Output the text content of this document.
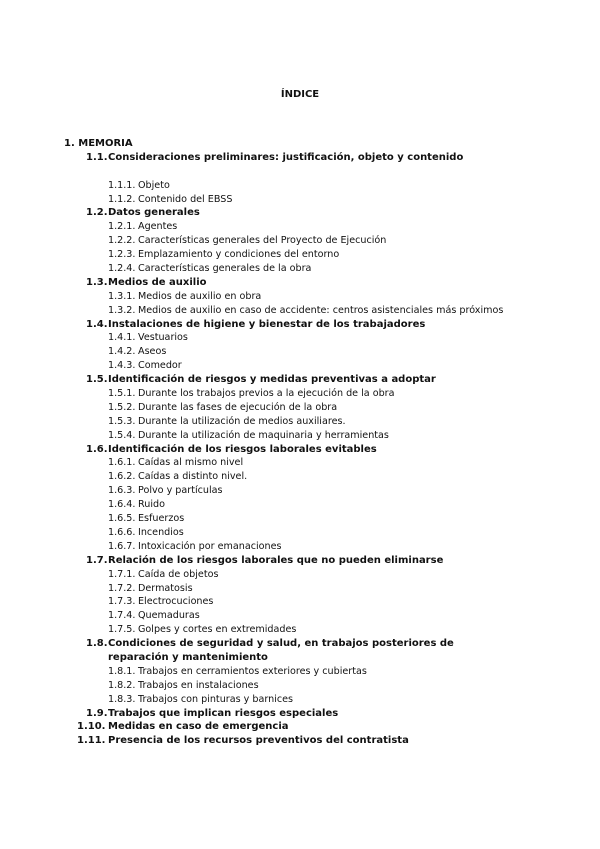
ÍNDICE
1. MEMORIA
1.1.Consideraciones preliminares: justificación, objeto y contenido
1.1.1. Objeto
1.1.2. Contenido del EBSS
1.2.Datos generales
1.2.1. Agentes
1.2.2. Características generales del Proyecto de Ejecución
1.2.3. Emplazamiento y condiciones del entorno
1.2.4. Características generales de la obra
1.3.Medios de auxilio
1.3.1. Medios de auxilio en obra
1.3.2. Medios de auxilio en caso de accidente: centros asistenciales más próximos
1.4.Instalaciones de higiene y bienestar de los trabajadores
1.4.1. Vestuarios
1.4.2. Aseos
1.4.3. Comedor
1.5.Identificación de riesgos y medidas preventivas a adoptar
1.5.1. Durante los trabajos previos a la ejecución de la obra
1.5.2. Durante las fases de ejecución de la obra
1.5.3. Durante la utilización de medios auxiliares.
1.5.4. Durante la utilización de maquinaria y herramientas
1.6.Identificación de los riesgos laborales evitables
1.6.1. Caídas al mismo nivel
1.6.2. Caídas a distinto nivel.
1.6.3. Polvo y partículas
1.6.4. Ruido
1.6.5. Esfuerzos
1.6.6. Incendios
1.6.7. Intoxicación por emanaciones
1.7.Relación de los riesgos laborales que no pueden eliminarse
1.7.1. Caída de objetos
1.7.2. Dermatosis
1.7.3. Electrocuciones
1.7.4. Quemaduras
1.7.5. Golpes y cortes en extremidades
1.8.Condiciones de seguridad y salud, en trabajos posteriores de reparación y mantenimiento
1.8.1. Trabajos en cerramientos exteriores y cubiertas
1.8.2. Trabajos en instalaciones
1.8.3. Trabajos con pinturas y barnices
1.9.Trabajos que implican riesgos especiales
1.10. Medidas en caso de emergencia
1.11. Presencia de los recursos preventivos del contratista
